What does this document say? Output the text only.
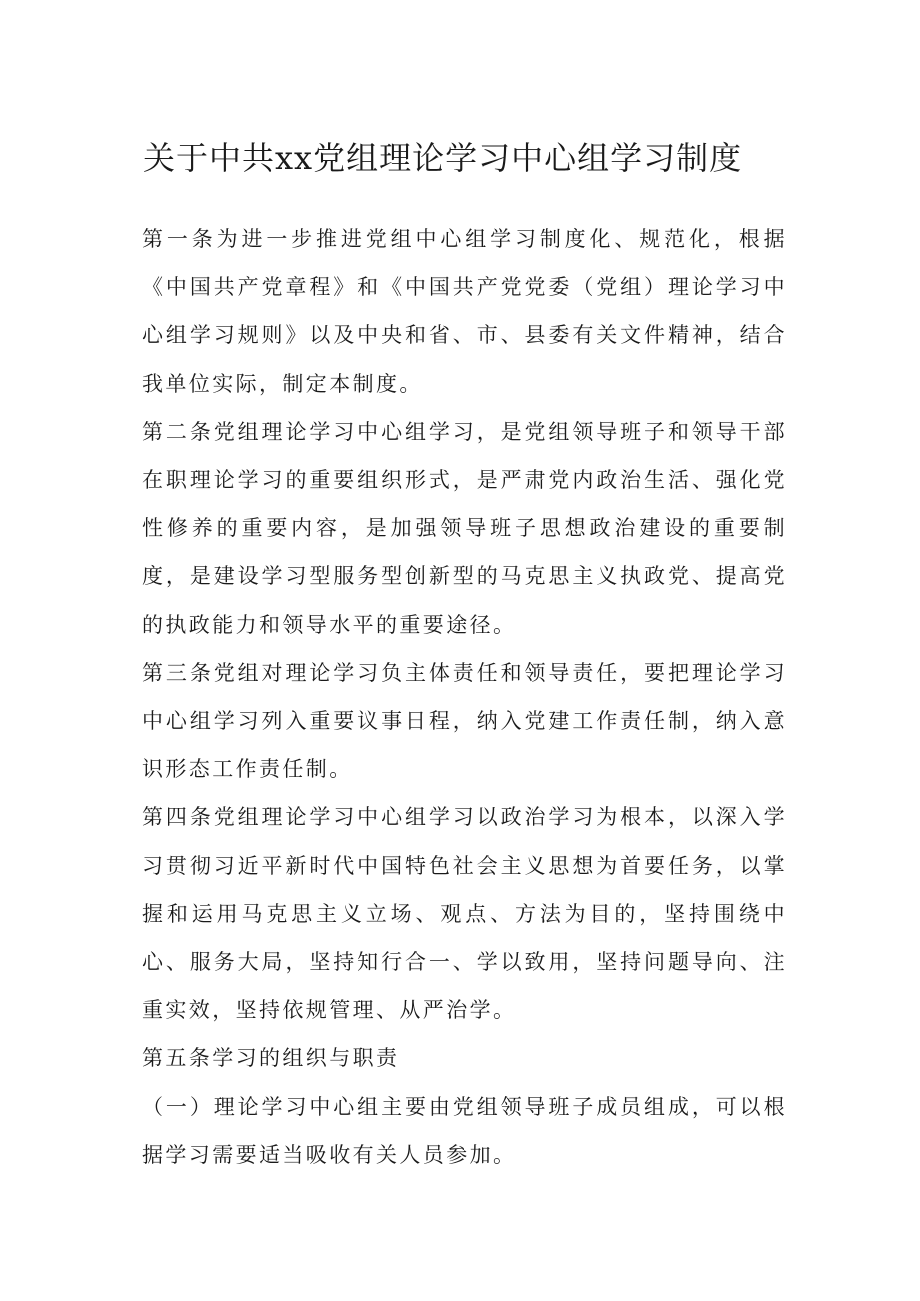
关于中共xx党组理论学习中心组学习制度

第一条为进一步推进党组中心组学习制度化、规范化，根据《中国共产党章程》和《中国共产党党委（党组）理论学习中心组学习规则》以及中央和省、市、县委有关文件精神，结合我单位实际，制定本制度。

第二条党组理论学习中心组学习，是党组领导班子和领导干部在职理论学习的重要组织形式，是严肃党内政治生活、强化党性修养的重要内容，是加强领导班子思想政治建设的重要制度，是建设学习型服务型创新型的马克思主义执政党、提高党的执政能力和领导水平的重要途径。

第三条党组对理论学习负主体责任和领导责任，要把理论学习中心组学习列入重要议事日程，纳入党建工作责任制，纳入意识形态工作责任制。

第四条党组理论学习中心组学习以政治学习为根本，以深入学习贯彻习近平新时代中国特色社会主义思想为首要任务，以掌握和运用马克思主义立场、观点、方法为目的，坚持围绕中心、服务大局，坚持知行合一、学以致用，坚持问题导向、注重实效，坚持依规管理、从严治学。

第五条学习的组织与职责

（一）理论学习中心组主要由党组领导班子成员组成，可以根据学习需要适当吸收有关人员参加。
